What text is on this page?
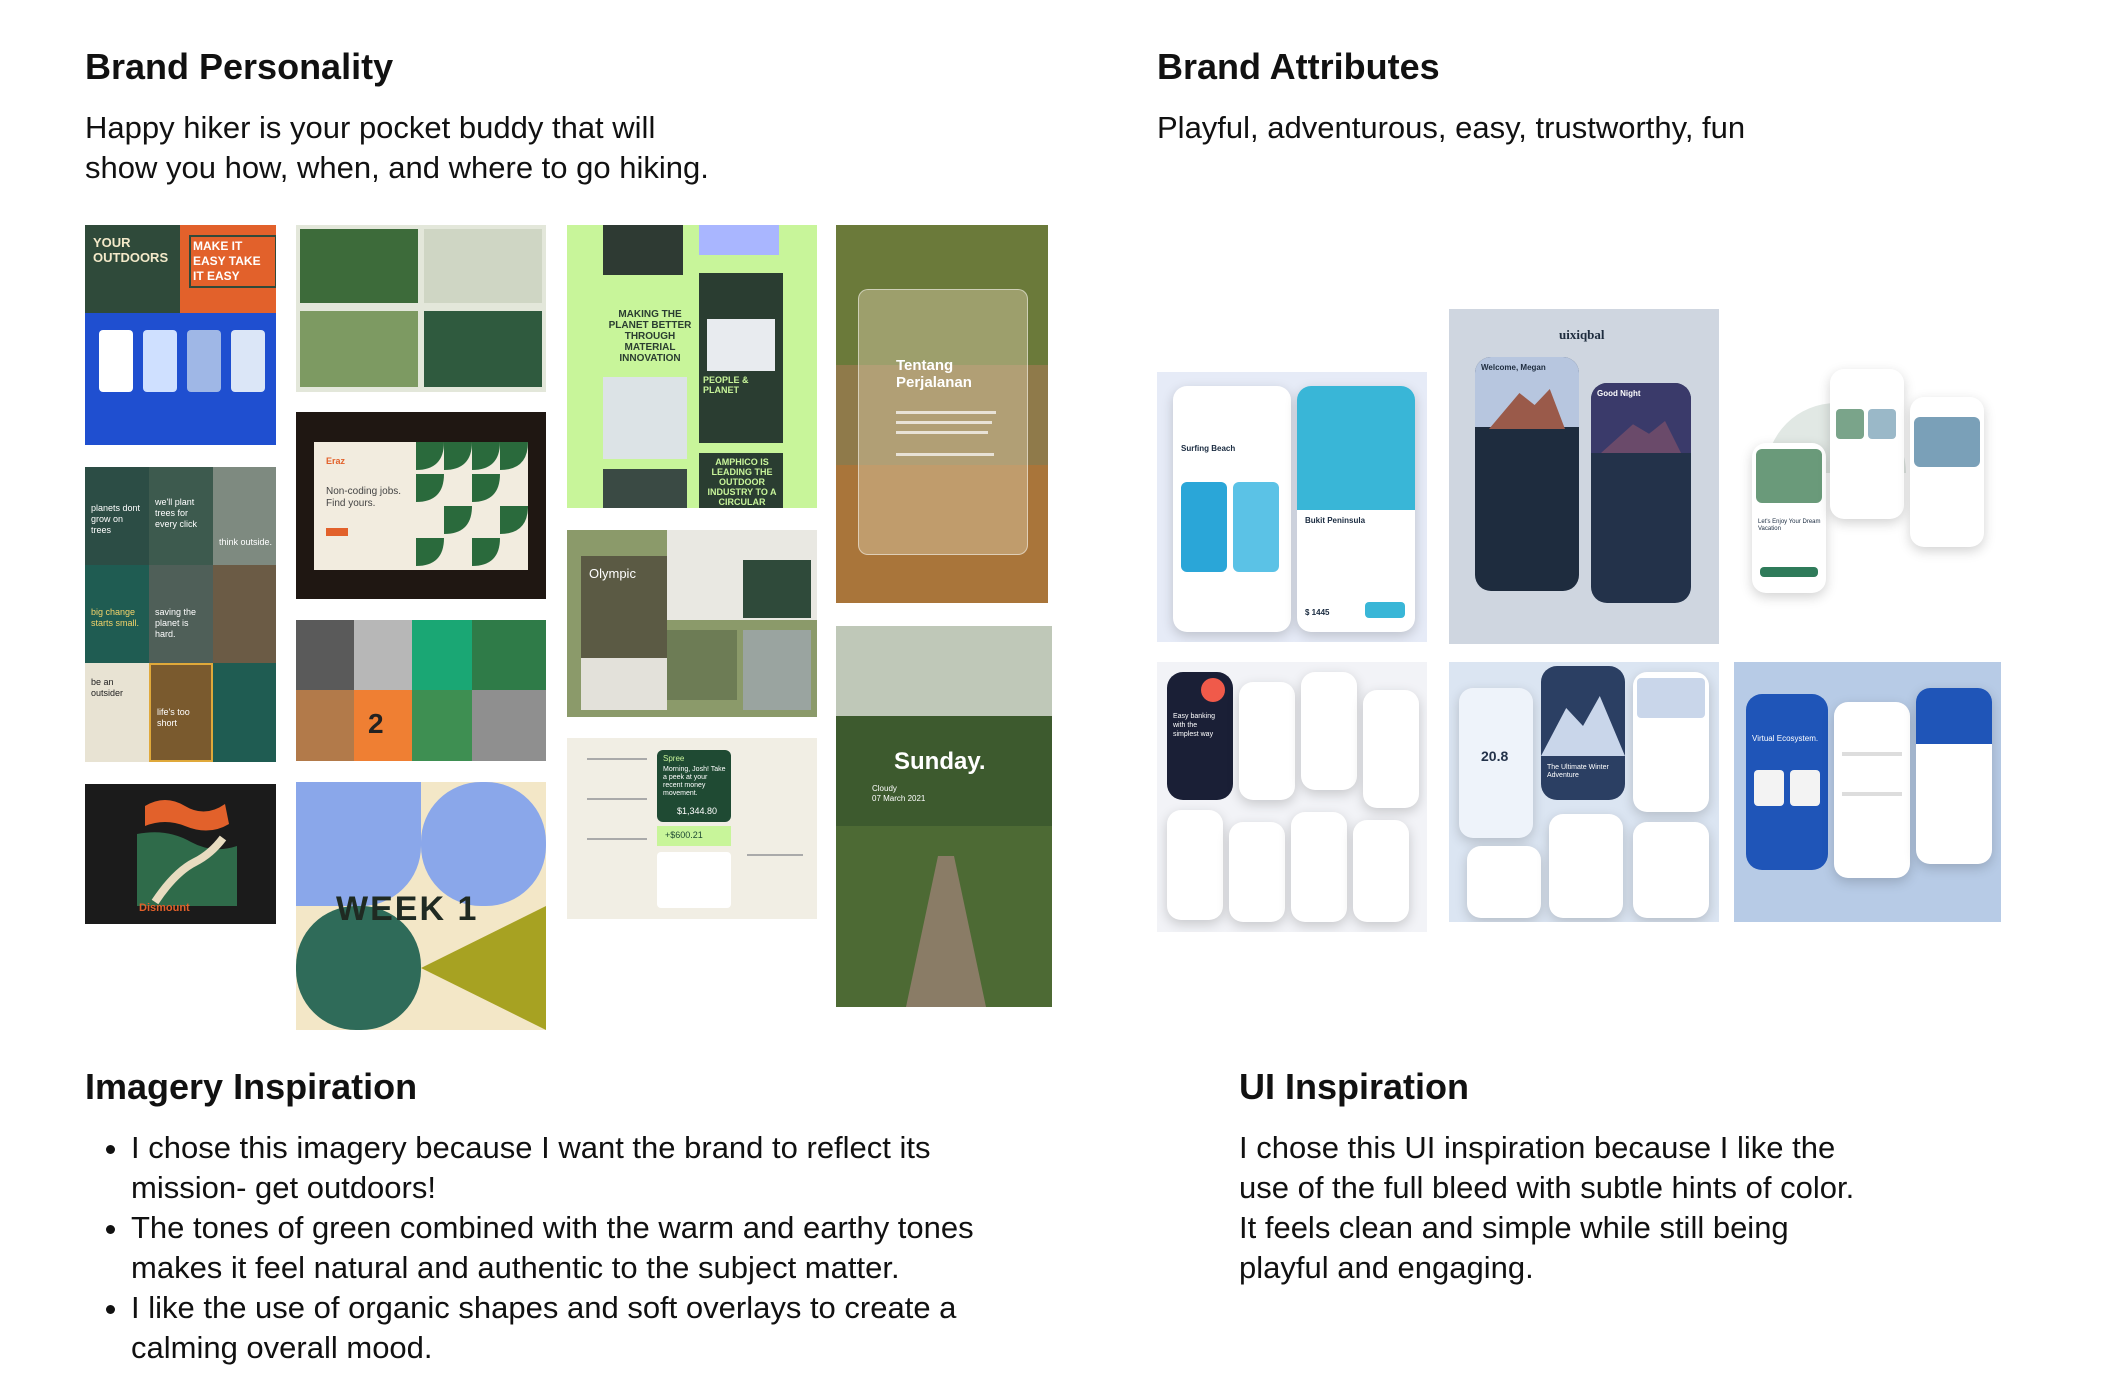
Brand Personality

Happy hiker is your pocket buddy that will

show you how, when, and where to go hiking.

Brand Attributes

Playful, adventurous, easy, trustworthy, fun

Imagery Inspiration
• I chose this imagery because I want the brand to reflect its
mission- get outdoors!
• The tones of green combined with the warm and earthy tones
makes it feel natural and authentic to the subject matter.
• I like the use of organic shapes and soft overlays to create a
calming overall mood.
UI Inspiration

I chose this UI inspiration because I like the

use of the full bleed with subtle hints of color.

It feels clean and simple while still being

playful and engaging.

YOUR OUTDOORS
MAKE IT EASY TAKE IT EASY
planets dont grow on trees
we'll plant trees for every click
think outside.
big change starts small.
saving the planet is hard.
be an outsider
life's too short
Dismount
Eraz
Non-coding jobs. Find yours.
2
WEEK 1
MAKING THE PLANET BETTER THROUGH MATERIAL INNOVATION
PEOPLE & PLANET
AMPHICO IS LEADING THE OUTDOOR INDUSTRY TO A CIRCULAR
Olympic
Spree
Morning, Josh! Take a peek at your recent money movement.
$1,344.80
+$600.21
Tentang Perjalanan
Sunday.
Cloudy
07 March 2021
Surfing Beach
Bukit Peninsula
$ 1445
uixiqbal
Welcome, Megan
Good Night
Let's Enjoy Your Dream Vacation
Easy banking with the simplest way
20.8
The Ultimate Winter Adventure
Virtual Ecosystem.
